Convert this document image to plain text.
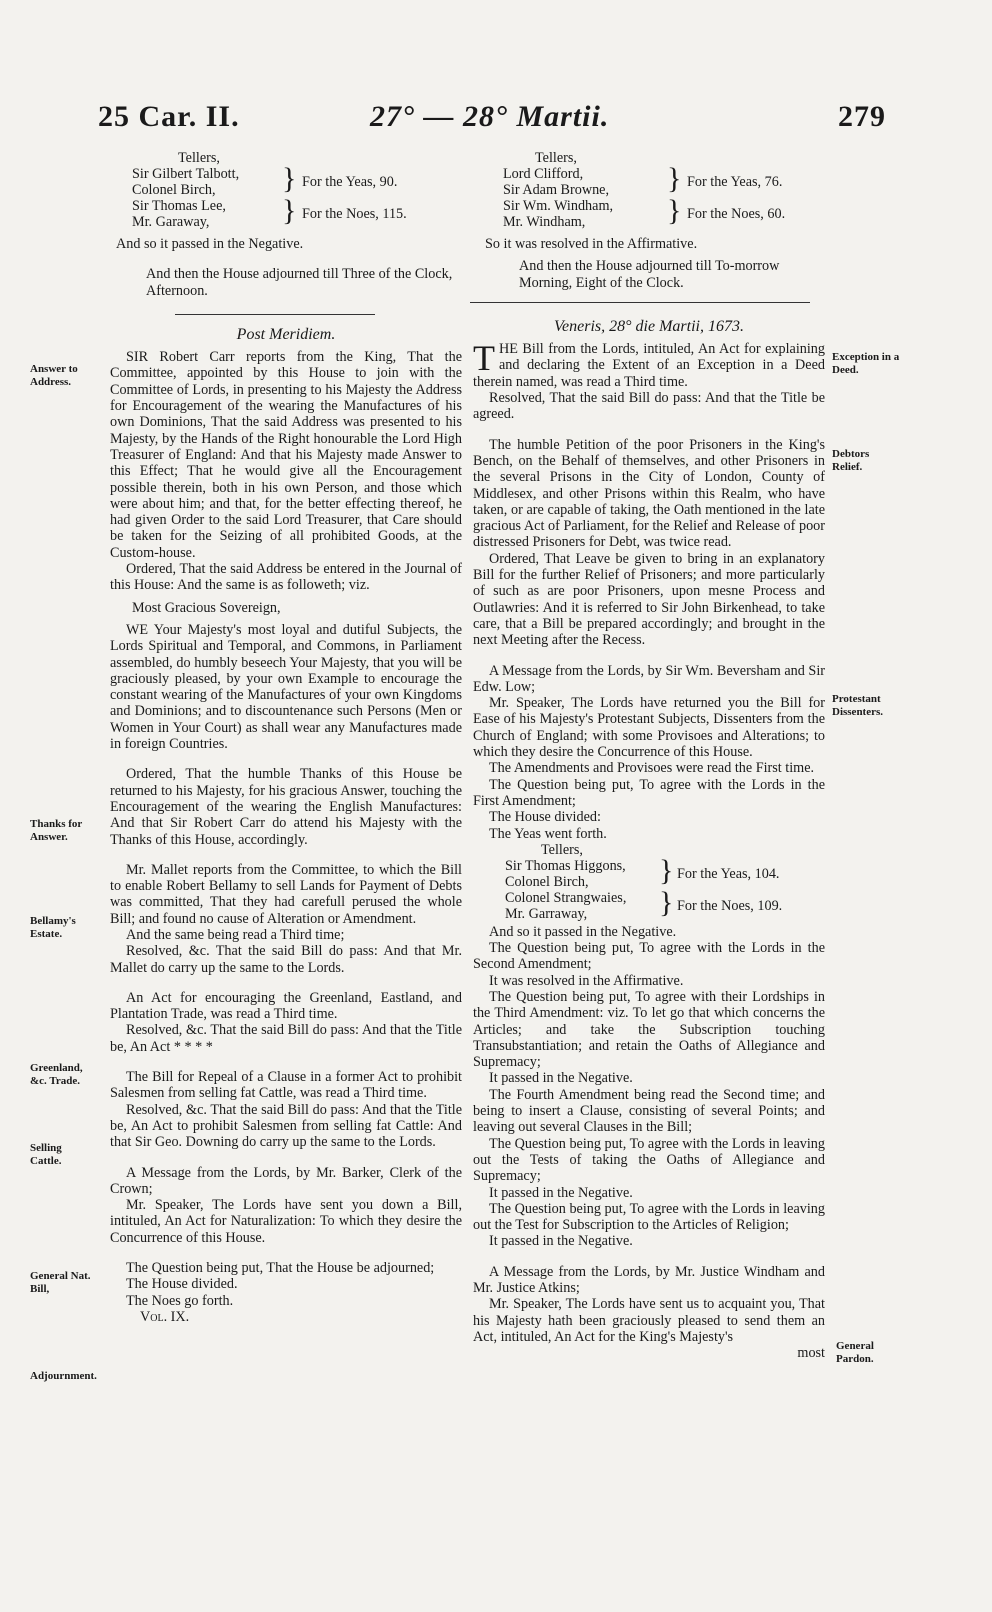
25 Car. II.	27° — 28° Martii.	279
Tellers,
Sir Gilbert Talbott,
Colonel Birch, } For the Yeas, 90.
Sir Thomas Lee,
Mr. Garaway, } For the Noes, 115.

And so it passed in the Negative.

And then the House adjourned till Three of the Clock, Afternoon.

Post Meridiem.

SIR Robert Carr reports from the King, That the Committee, appointed by this House to join with the Committee of Lords, in presenting to his Majesty the Address for Encouragement of the wearing the Manufactures of his own Dominions, That the said Address was presented to his Majesty, by the Hands of the Right honourable the Lord High Treasurer of England: And that his Majesty made Answer to this Effect; That he would give all the Encouragement possible therein, both in his own Person, and those which were about him; and that, for the better effecting thereof, he had given Order to the said Lord Treasurer, that Care should be taken for the Seizing of all prohibited Goods, at the Custom-house.

Ordered, That the said Address be entered in the Journal of this House: And the same is as followeth; viz.

Most Gracious Sovereign,

WE Your Majesty's most loyal and dutiful Subjects, the Lords Spiritual and Temporal, and Commons, in Parliament assembled, do humbly beseech Your Majesty, that you will be graciously pleased, by your own Example to encourage the constant wearing of the Manufactures of your own Kingdoms and Dominions; and to discountenance such Persons (Men or Women in Your Court) as shall wear any Manufactures made in foreign Countries.

Ordered, That the humble Thanks of this House be returned to his Majesty, for his gracious Answer, touching the Encouragement of the wearing the English Manufactures: And that Sir Robert Carr do attend his Majesty with the Thanks of this House, accordingly.

Mr. Mallet reports from the Committee, to which the Bill to enable Robert Bellamy to sell Lands for Payment of Debts was committed, That they had carefull perused the whole Bill; and found no cause of Alteration or Amendment.

And the same being read a Third time;

Resolved, &c. That the said Bill do pass: And that Mr. Mallet do carry up the same to the Lords.

An Act for encouraging the Greenland, Eastland, and Plantation Trade, was read a Third time.

Resolved, &c. That the said Bill do pass: And that the Title be, An Act * * * *

The Bill for Repeal of a Clause in a former Act to prohibit Salesmen from selling fat Cattle, was read a Third time.

Resolved, &c. That the said Bill do pass: And that the Title be, An Act to prohibit Salesmen from selling fat Cattle: And that Sir Geo. Downing do carry up the same to the Lords.

A Message from the Lords, by Mr. Barker, Clerk of the Crown;

Mr. Speaker, The Lords have sent you down a Bill, intituled, An Act for Naturalization: To which they desire the Concurrence of this House.

The Question being put, That the House be adjourned;

The House divided.

The Noes go forth.

Vol. IX.

Tellers,
Lord Clifford,
Sir Adam Browne, } For the Yeas, 76.
Sir Wm. Windham,
Mr. Windham,	} For the Noes, 60.

So it was resolved in the Affirmative.

And then the House adjourned till To-morrow Morning, Eight of the Clock.

Veneris, 28° die Martii, 1673.

THE Bill from the Lords, intituled, An Act for explaining and declaring the Extent of an Exception in a Deed therein named, was read a Third time.

Resolved, That the said Bill do pass: And that the Title be agreed.

The humble Petition of the poor Prisoners in the King's Bench, on the Behalf of themselves, and other Prisoners in the several Prisons in the City of London, County of Middlesex, and other Prisons within this Realm, who have taken, or are capable of taking, the Oath mentioned in the late gracious Act of Parliament, for the Relief and Release of poor distressed Prisoners for Debt, was twice read.

Ordered, That Leave be given to bring in an explanatory Bill for the further Relief of Prisoners; and more particularly of such as are poor Prisoners, upon mesne Process and Outlawries: And it is referred to Sir John Birkenhead, to take care, that a Bill be prepared accordingly; and brought in the next Meeting after the Recess.

A Message from the Lords, by Sir Wm. Beversham and Sir Edw. Low;

Mr. Speaker, The Lords have returned you the Bill for Ease of his Majesty's Protestant Subjects, Dissenters from the Church of England; with some Provisoes and Alterations; to which they desire the Concurrence of this House.

The Amendments and Provisoes were read the First time.

The Question being put, To agree with the Lords in the First Amendment;

The House divided:

The Yeas went forth.

Tellers,
Sir Thomas Higgons,
Colonel Birch, } For the Yeas, 104.
Colonel Strangwaies,
Mr. Garraway, } For the Noes, 109.

And so it passed in the Negative.

The Question being put, To agree with the Lords in the Second Amendment;

It was resolved in the Affirmative.

The Question being put, To agree with their Lordships in the Third Amendment: viz. To let go that which concerns the Articles; and take the Subscription touching Transubstantiation; and retain the Oaths of Allegiance and Supremacy;

It passed in the Negative.

The Fourth Amendment being read the Second time; and being to insert a Clause, consisting of several Points; and leaving out several Clauses in the Bill;

The Question being put, To agree with the Lords in leaving out the Tests of taking the Oaths of Allegiance and Supremacy;

It passed in the Negative.

The Question being put, To agree with the Lords in leaving out the Test for Subscription to the Articles of Religion;

It passed in the Negative.

A Message from the Lords, by Mr. Justice Windham and Mr. Justice Atkins;

Mr. Speaker, The Lords have sent us to acquaint you, That his Majesty hath been graciously pleased to send them an Act, intituled, An Act for the King's Majesty's

most

Answer to Address.
Thanks for Answer.
Bellamy's Estate.
Greenland, &c. Trade.
Selling Cattle.
General Nat. Bill,
Adjournment.
Exception in a Deed.
Debtors Relief.
Protestant Dissenters.
General Pardon.
